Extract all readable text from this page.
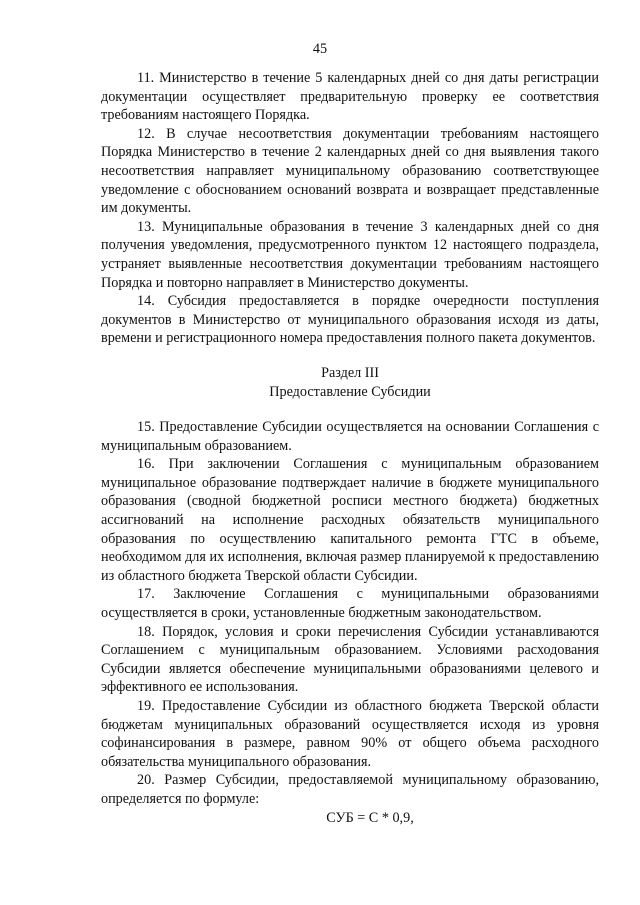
45

11. Министерство в течение 5 календарных дней со дня даты регистрации документации осуществляет предварительную проверку ее соответствия требованиям настоящего Порядка.

12. В случае несоответствия документации требованиям настоящего Порядка Министерство в течение 2 календарных дней со дня выявления такого несоответствия направляет муниципальному образованию соответствующее уведомление с обоснованием оснований возврата и возвращает представленные им документы.

13. Муниципальные образования в течение 3 календарных дней со дня получения уведомления, предусмотренного пунктом 12 настоящего подраздела, устраняет выявленные несоответствия документации требованиям настоящего Порядка и повторно направляет в Министерство документы.

14. Субсидия предоставляется в порядке очередности поступления документов в Министерство от муниципального образования исходя из даты, времени и регистрационного номера предоставления полного пакета документов.

Раздел III

Предоставление Субсидии

15. Предоставление Субсидии осуществляется на основании Соглашения с муниципальным образованием.

16. При заключении Соглашения с муниципальным образованием муниципальное образование подтверждает наличие в бюджете муниципального образования (сводной бюджетной росписи местного бюджета) бюджетных ассигнований на исполнение расходных обязательств муниципального образования по осуществлению капитального ремонта ГТС в объеме, необходимом для их исполнения, включая размер планируемой к предоставлению из областного бюджета Тверской области Субсидии.

17. Заключение Соглашения с муниципальными образованиями осуществляется в сроки, установленные бюджетным законодательством.

18. Порядок, условия и сроки перечисления Субсидии устанавливаются Соглашением с муниципальным образованием. Условиями расходования Субсидии является обеспечение муниципальными образованиями целевого и эффективного ее использования.

19. Предоставление Субсидии из областного бюджета Тверской области бюджетам муниципальных образований осуществляется исходя из уровня софинансирования в размере, равном 90% от общего объема расходного обязательства муниципального образования.

20. Размер Субсидии, предоставляемой муниципальному образованию, определяется по формуле:

СУБ = С * 0,9,
